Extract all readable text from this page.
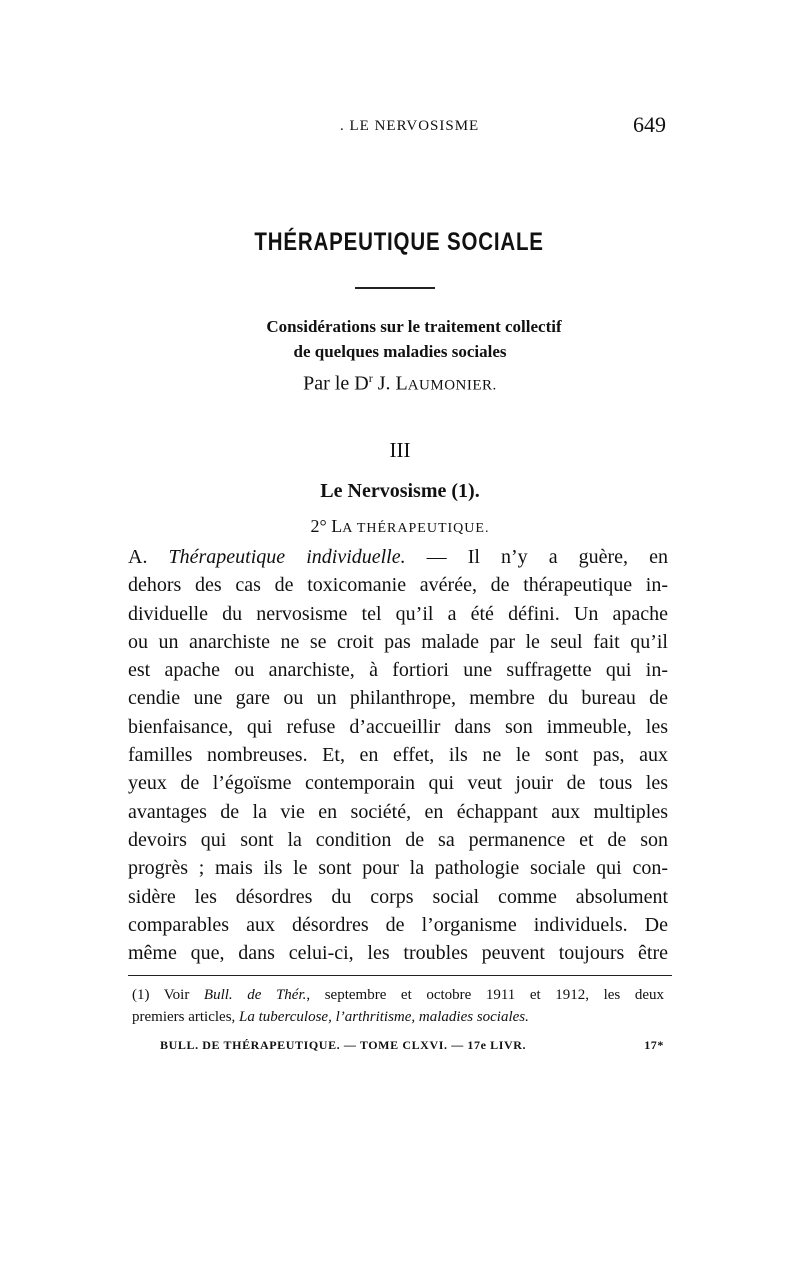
. LE NERVOSISME	649
THÉRAPEUTIQUE SOCIALE
Considérations sur le traitement collectif
de quelques maladies sociales
Par le $D^r$ J. LAUMONIER.
III
Le Nervosisme (1).
2° LA THÉRAPEUTIQUE.
A. Thérapeutique individuelle. — Il n’y a guère, en
dehors des cas de toxicomanie avérée, de thérapeutique in-
dividuelle du nervosisme tel qu’il a été défini. Un apache
ou un anarchiste ne se croit pas malade par le seul fait qu’il
est apache ou anarchiste, à fortiori une suffragette qui in-
cendie une gare ou un philanthrope, membre du bureau de
bienfaisance, qui refuse d’accueillir dans son immeuble, les
familles nombreuses. Et, en effet, ils ne le sont pas, aux
yeux de l’égoïsme contemporain qui veut jouir de tous les
avantages de la vie en société, en échappant aux multiples
devoirs qui sont la condition de sa permanence et de son
progrès ; mais ils le sont pour la pathologie sociale qui con-
sidère les désordres du corps social comme absolument
comparables aux désordres de l’organisme individuels. De
même que, dans celui-ci, les troubles peuvent toujours être
(1) Voir Bull. de Thér., septembre et octobre 1911 et 1912, les deux
premiers articles, La tuberculose, l’arthritisme, maladies sociales.
BULL. DE THÉRAPEUTIQUE. — TOME CLXVI. — 17e LIVR.	17*
